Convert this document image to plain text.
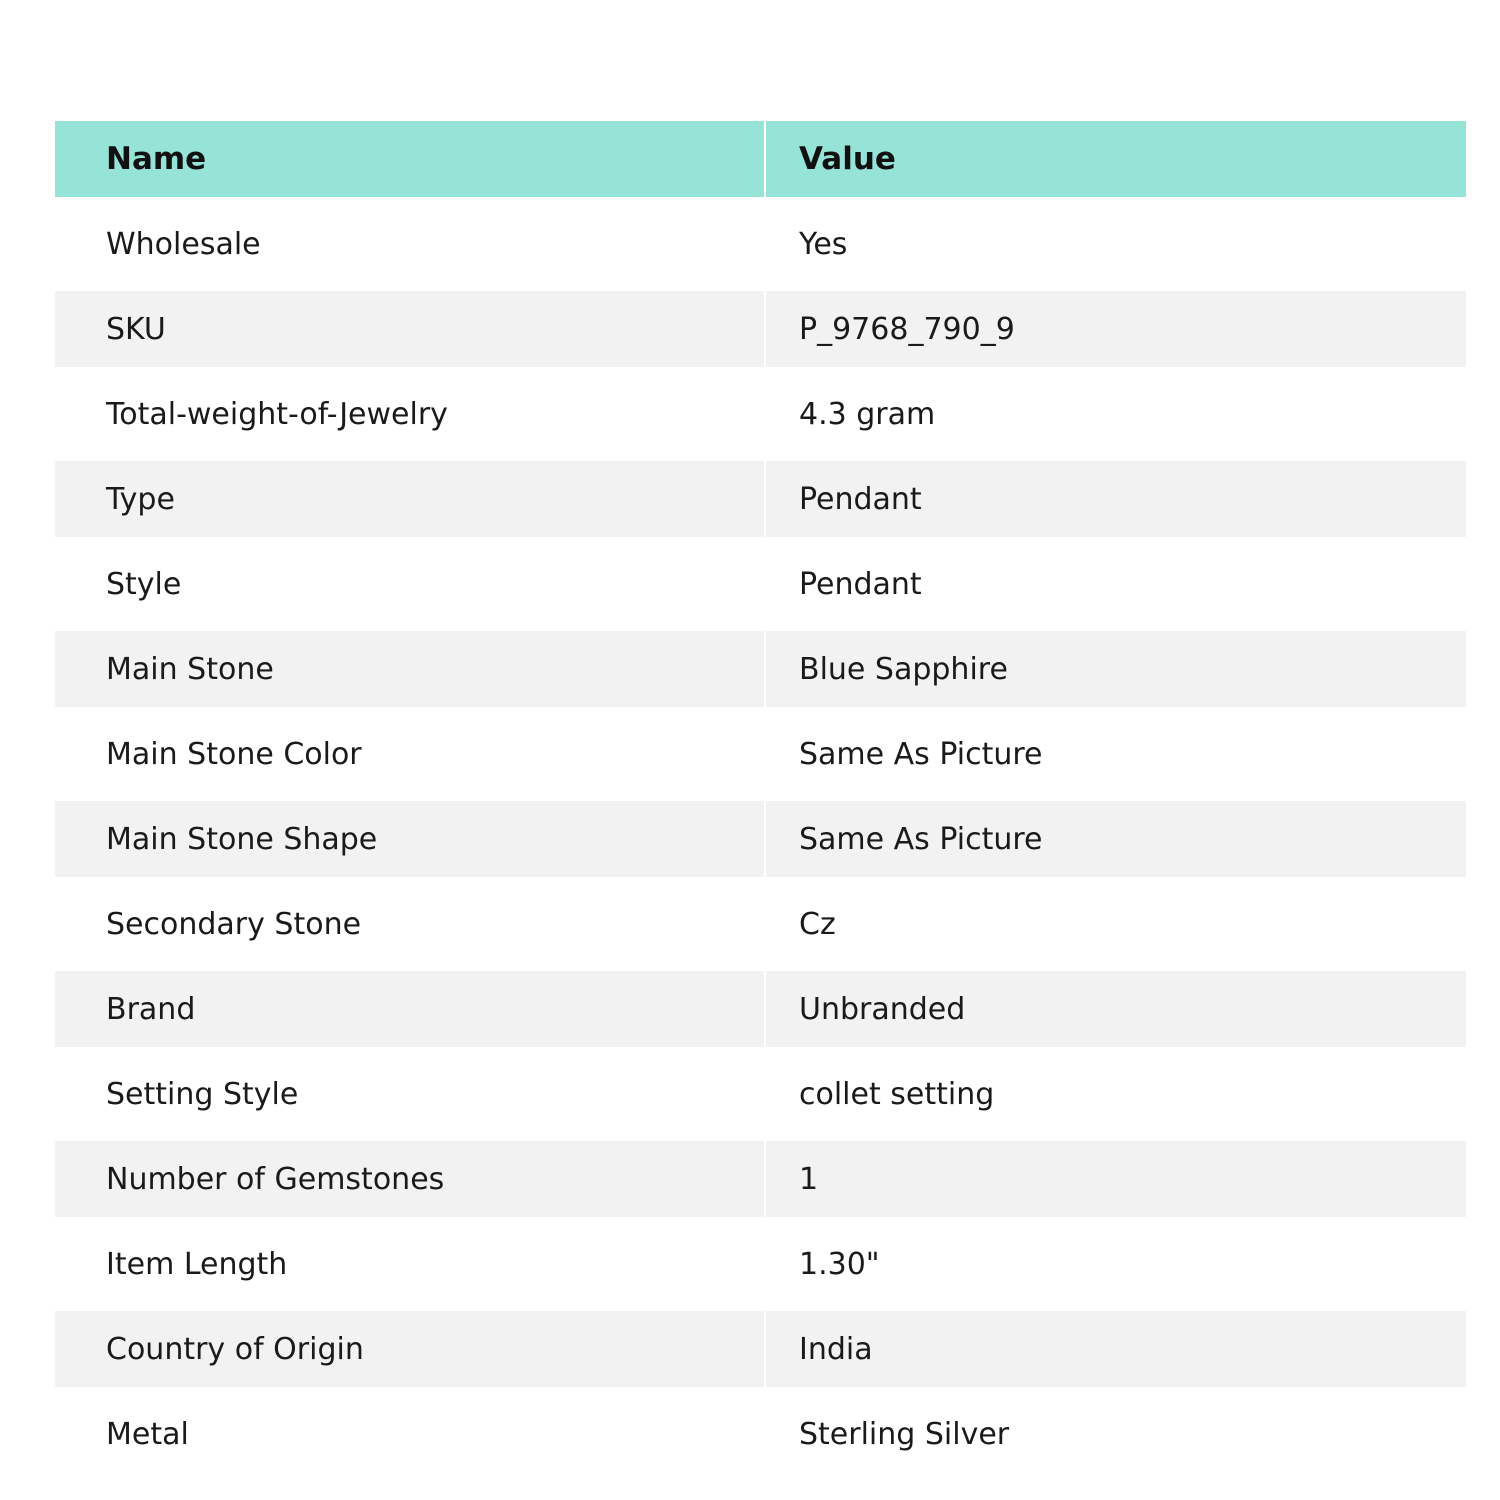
Name	Value
Wholesale	Yes
SKU	P_9768_790_9
Total-weight-of-Jewelry	4.3 gram
Type	Pendant
Style	Pendant
Main Stone	Blue Sapphire
Main Stone Color	Same As Picture
Main Stone Shape	Same As Picture
Secondary Stone	Cz
Brand	Unbranded
Setting Style	collet setting
Number of Gemstones	1
Item Length	1.30"
Country of Origin	India
Metal	Sterling Silver
